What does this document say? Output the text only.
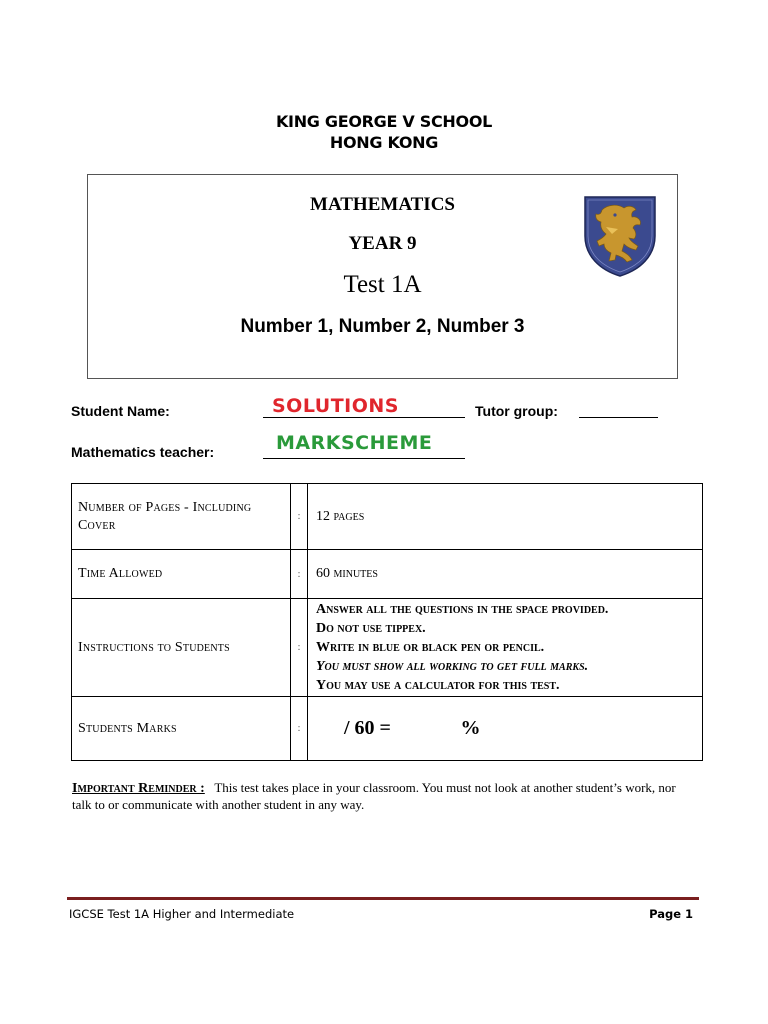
KING GEORGE V SCHOOL
HONG KONG
MATHEMATICS
YEAR 9
Test 1A
Number 1, Number 2, Number 3
Student Name:	SOLUTIONS	Tutor group:
Mathematics teacher:	MARKSCHEME
Number of Pages - Including Cover	:	12 pages
Time Allowed	:	60 minutes
Instructions to Students	:	Answer all the questions in the space provided.
Do not use tippex.
Write in blue or black pen or pencil.
You must show all working to get full marks.
You may use a calculator for this test.

Students Marks	:	/ 60 = %
Important Reminder : This test takes place in your classroom. You must not look at another student’s work, nor talk to or communicate with another student in any way.
IGCSE Test 1A Higher and Intermediate	Page 1
